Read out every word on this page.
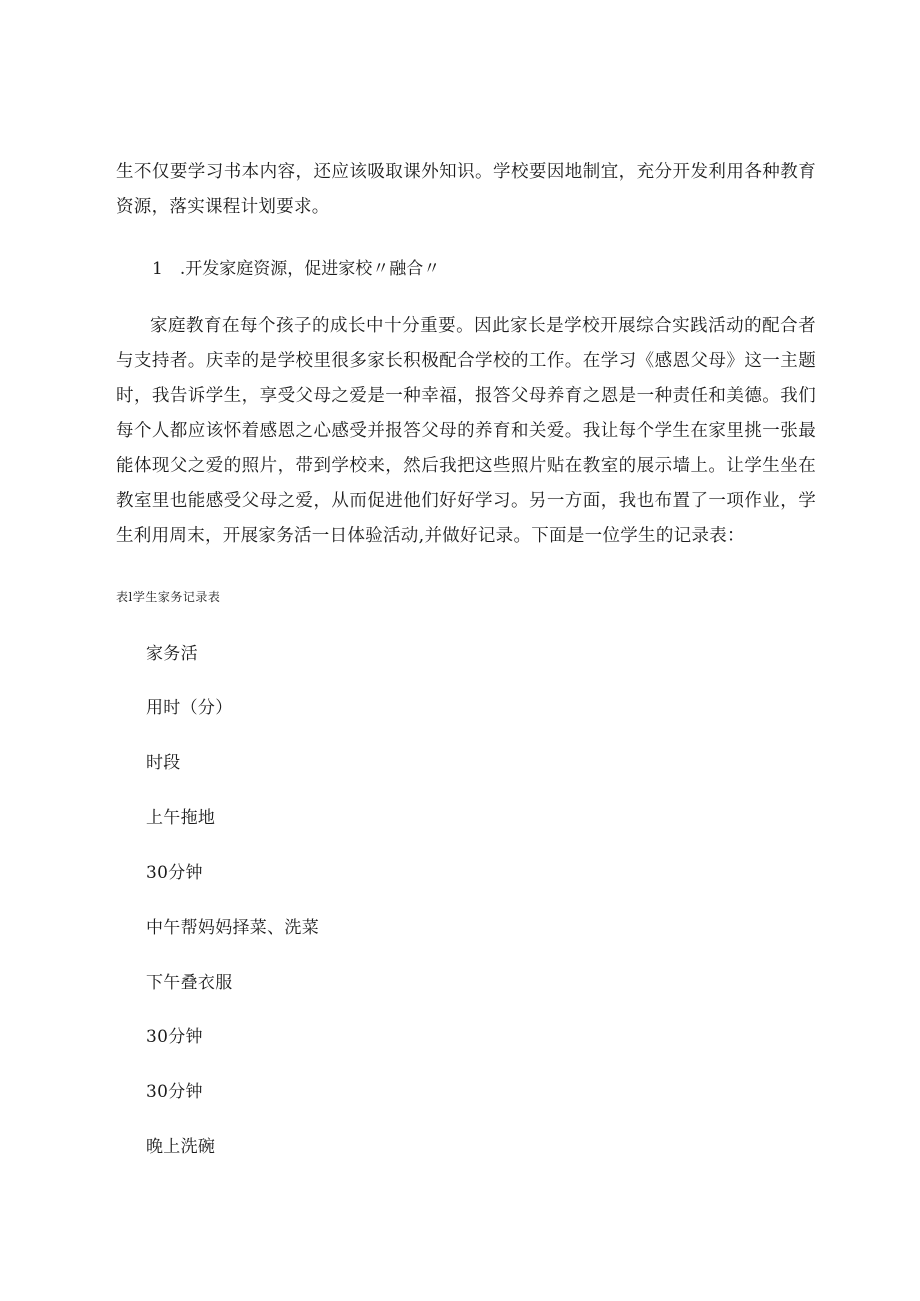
生不仅要学习书本内容，还应该吸取课外知识。学校要因地制宜，充分开发利用各种教育资源，落实课程计划要求。

1　.开发家庭资源，促进家校〃融合〃

家庭教育在每个孩子的成长中十分重要。因此家长是学校开展综合实践活动的配合者与支持者。庆幸的是学校里很多家长积极配合学校的工作。在学习《感恩父母》这一主题时，我告诉学生，享受父母之爱是一种幸福，报答父母养育之恩是一种责任和美德。我们每个人都应该怀着感恩之心感受并报答父母的养育和关爱。我让每个学生在家里挑一张最能体现父之爱的照片，带到学校来，然后我把这些照片贴在教室的展示墙上。让学生坐在教室里也能感受父母之爱，从而促进他们好好学习。另一方面，我也布置了一项作业，学生利用周末，开展家务活一日体验活动,并做好记录。下面是一位学生的记录表：

表l学生家务记录表

家务活

用时（分）

时段

上午拖地

30分钟

中午帮妈妈择菜、洗菜

下午叠衣服

30分钟

30分钟

晚上洗碗
